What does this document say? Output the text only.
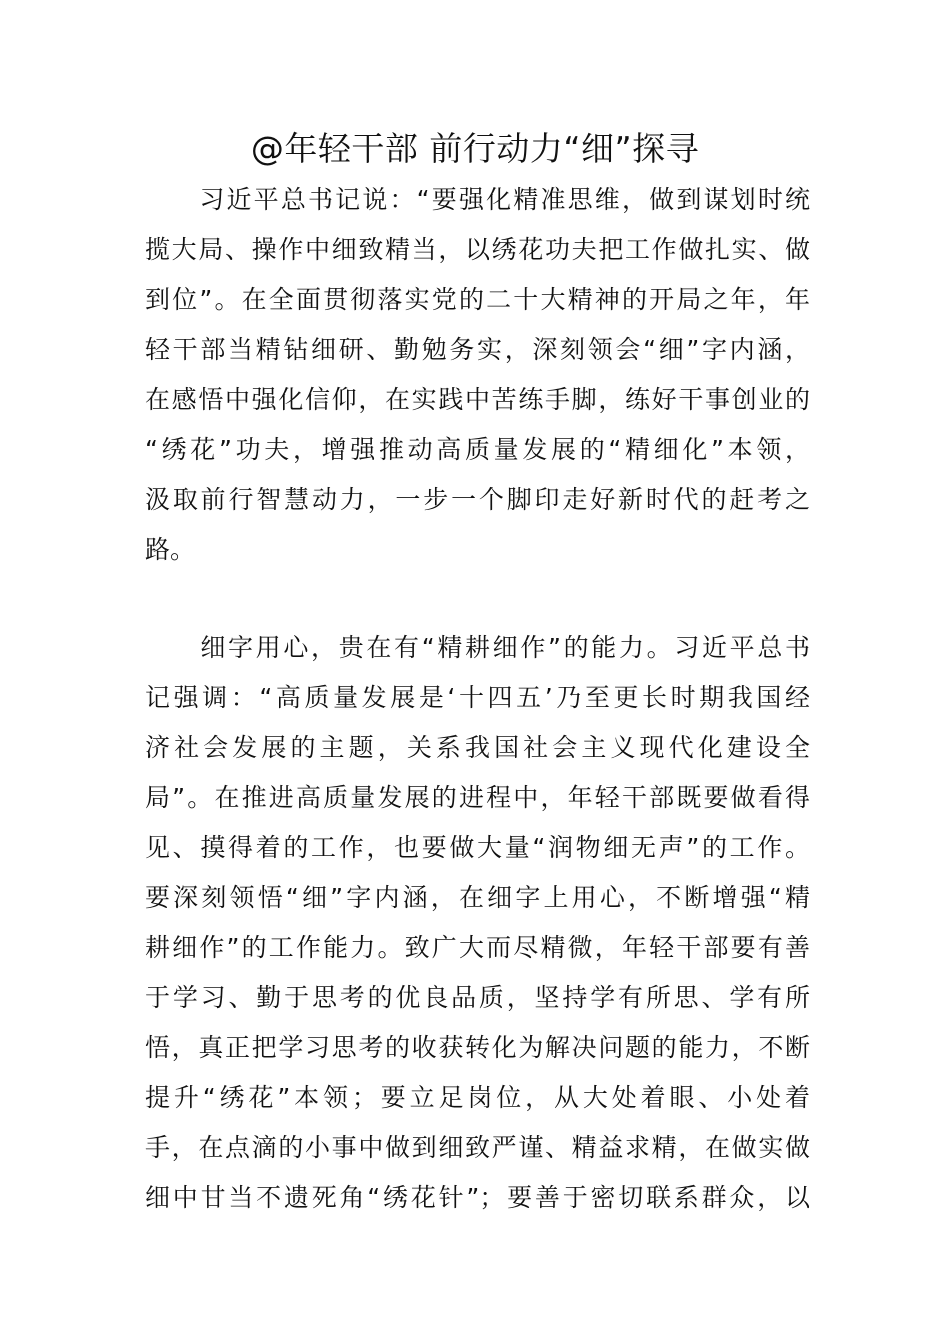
@年轻干部 前行动力“细”探寻
　　习近平总书记说：“要强化精准思维，做到谋划时统
揽大局、操作中细致精当，以绣花功夫把工作做扎实、做
到位”。在全面贯彻落实党的二十大精神的开局之年，年
轻干部当精钻细研、勤勉务实，深刻领会“细”字内涵，
在感悟中强化信仰，在实践中苦练手脚，练好干事创业的
“绣花”功夫，增强推动高质量发展的“精细化”本领，
汲取前行智慧动力，一步一个脚印走好新时代的赶考之
路。
　　细字用心，贵在有“精耕细作”的能力。习近平总书
记强调：“高质量发展是‘十四五’乃至更长时期我国经
济社会发展的主题，关系我国社会主义现代化建设全
局”。在推进高质量发展的进程中，年轻干部既要做看得
见、摸得着的工作，也要做大量“润物细无声”的工作。
要深刻领悟“细”字内涵，在细字上用心，不断增强“精
耕细作”的工作能力。致广大而尽精微，年轻干部要有善
于学习、勤于思考的优良品质，坚持学有所思、学有所
悟，真正把学习思考的收获转化为解决问题的能力，不断
提升“绣花”本领；要立足岗位，从大处着眼、小处着
手，在点滴的小事中做到细致严谨、精益求精，在做实做
细中甘当不遗死角“绣花针”；要善于密切联系群众，以
